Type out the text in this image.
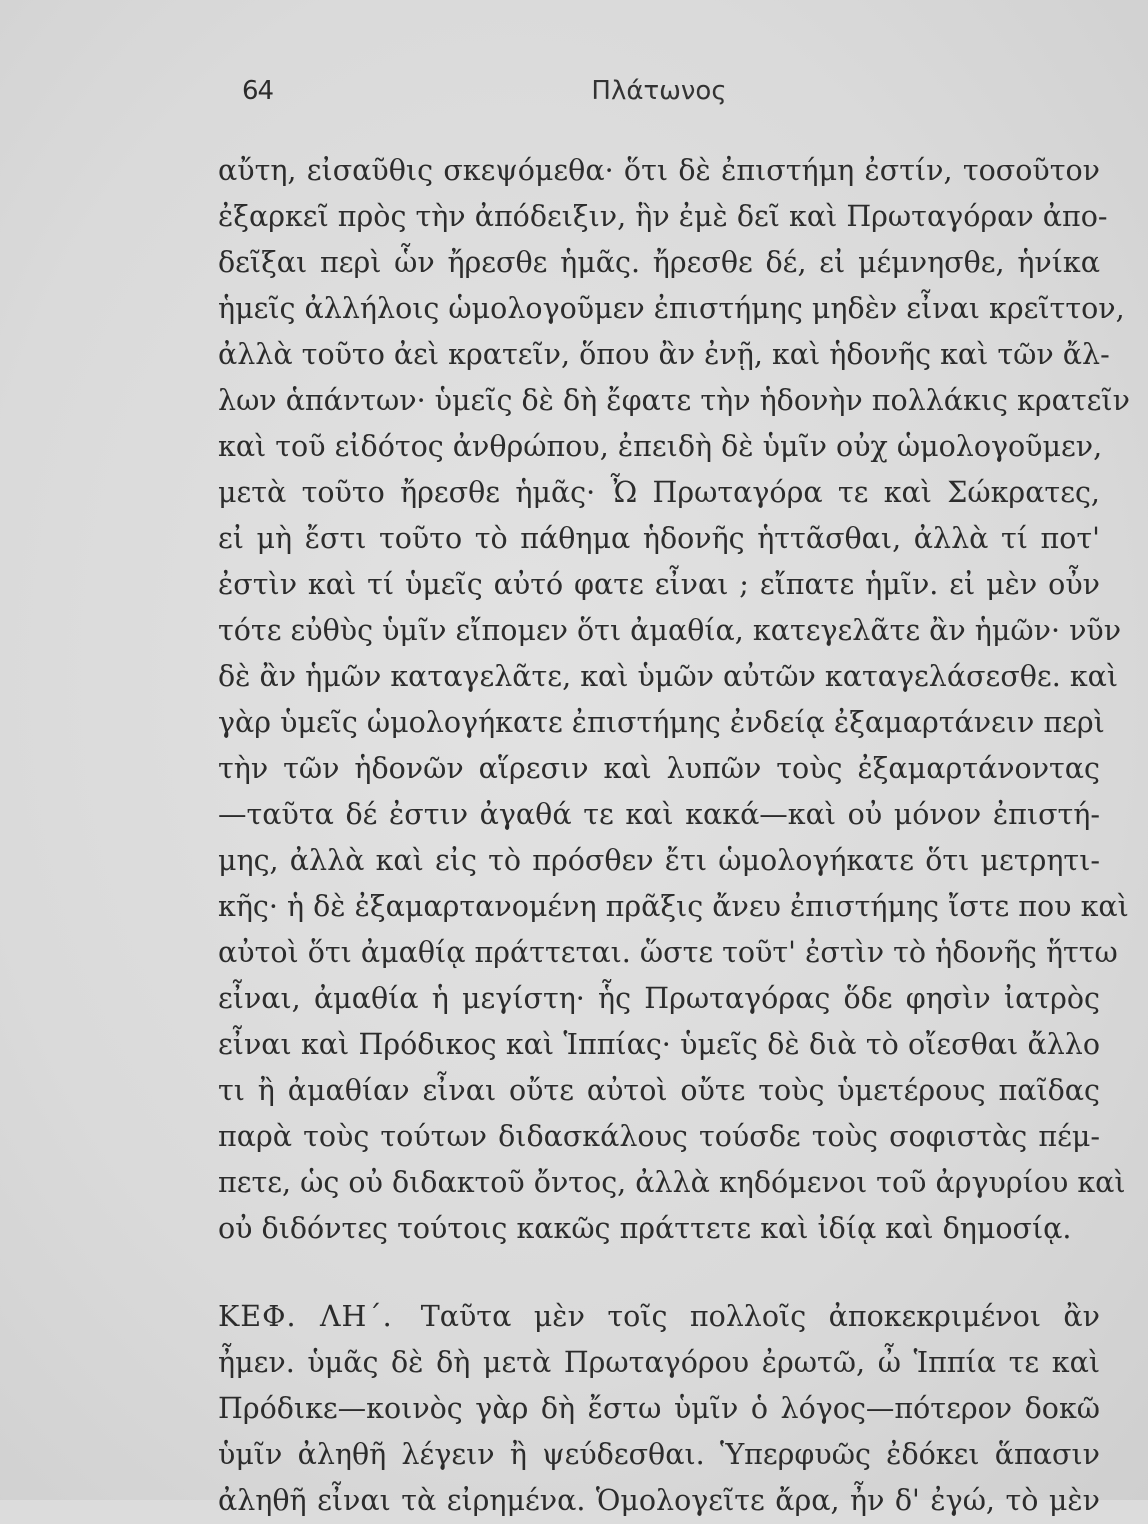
64	Πλάτωνος
αὔτη, εἰσαῦθις σκεψόμεθα· ὅτι δὲ ἐπιστήμη ἐστίν, τοσοῦτον
ἐξαρκεῖ πρὸς τὴν ἀπόδειξιν, ἣν ἐμὲ δεῖ καὶ Πρωταγόραν ἀπο-
δεῖξαι περὶ ὧν ἤρεσθε ἡμᾶς. ἤρεσθε δέ, εἰ μέμνησθε, ἡνίκα
ἡμεῖς ἀλλήλοις ὡμολογοῦμεν ἐπιστήμης μηδὲν εἶναι κρεῖττον,
ἀλλὰ τοῦτο ἀεὶ κρατεῖν, ὅπου ἂν ἐνῇ, καὶ ἡδονῆς καὶ τῶν ἄλ-
λων ἁπάντων· ὑμεῖς δὲ δὴ ἔφατε τὴν ἡδονὴν πολλάκις κρατεῖν
καὶ τοῦ εἰδότος ἀνθρώπου, ἐπειδὴ δὲ ὑμῖν οὐχ ὡμολογοῦμεν,
μετὰ τοῦτο ἤρεσθε ἡμᾶς· Ὦ Πρωταγόρα τε καὶ Σώκρατες,
εἰ μὴ ἔστι τοῦτο τὸ πάθημα ἡδονῆς ἡττᾶσθαι, ἀλλὰ τί ποτ'
ἐστὶν καὶ τί ὑμεῖς αὐτό φατε εἶναι ; εἴπατε ἡμῖν. εἰ μὲν οὖν
τότε εὐθὺς ὑμῖν εἴπομεν ὅτι ἀμαθία, κατεγελᾶτε ἂν ἡμῶν· νῦν
δὲ ἂν ἡμῶν καταγελᾶτε, καὶ ὑμῶν αὐτῶν καταγελάσεσθε. καὶ
γὰρ ὑμεῖς ὡμολογήκατε ἐπιστήμης ἐνδείᾳ ἐξαμαρτάνειν περὶ
τὴν τῶν ἡδονῶν αἵρεσιν καὶ λυπῶν τοὺς ἐξαμαρτάνοντας
—ταῦτα δέ ἐστιν ἀγαθά τε καὶ κακά—καὶ οὐ μόνον ἐπιστή-
μης, ἀλλὰ καὶ εἰς τὸ πρόσθεν ἔτι ὡμολογήκατε ὅτι μετρητι-
κῆς· ἡ δὲ ἐξαμαρτανομένη πρᾶξις ἄνευ ἐπιστήμης ἴστε που καὶ
αὐτοὶ ὅτι ἀμαθίᾳ πράττεται. ὥστε τοῦτ' ἐστὶν τὸ ἡδονῆς ἥττω
εἶναι, ἀμαθία ἡ μεγίστη· ἧς Πρωταγόρας ὅδε φησὶν ἰατρὸς
εἶναι καὶ Πρόδικος καὶ Ἱππίας· ὑμεῖς δὲ διὰ τὸ οἴεσθαι ἄλλο
τι ἢ ἀμαθίαν εἶναι οὔτε αὐτοὶ οὔτε τοὺς ὑμετέρους παῖδας
παρὰ τοὺς τούτων διδασκάλους τούσδε τοὺς σοφιστὰς πέμ-
πετε, ὡς οὐ διδακτοῦ ὄντος, ἀλλὰ κηδόμενοι τοῦ ἀργυρίου καὶ
οὐ διδόντες τούτοις κακῶς πράττετε καὶ ἰδίᾳ καὶ δημοσίᾳ.
ΚΕΦ. ΛΗ΄. Ταῦτα μὲν τοῖς πολλοῖς ἀποκεκριμένοι ἂν
ἦμεν. ὑμᾶς δὲ δὴ μετὰ Πρωταγόρου ἐρωτῶ, ὦ Ἱππία τε καὶ
Πρόδικε—κοινὸς γὰρ δὴ ἔστω ὑμῖν ὁ λόγος—πότερον δοκῶ
ὑμῖν ἀληθῆ λέγειν ἢ ψεύδεσθαι. Ὑπερφυῶς ἐδόκει ἅπασιν
ἀληθῆ εἶναι τὰ εἰρημένα. Ὁμολογεῖτε ἄρα, ἦν δ' ἐγώ, τὸ μὲν
